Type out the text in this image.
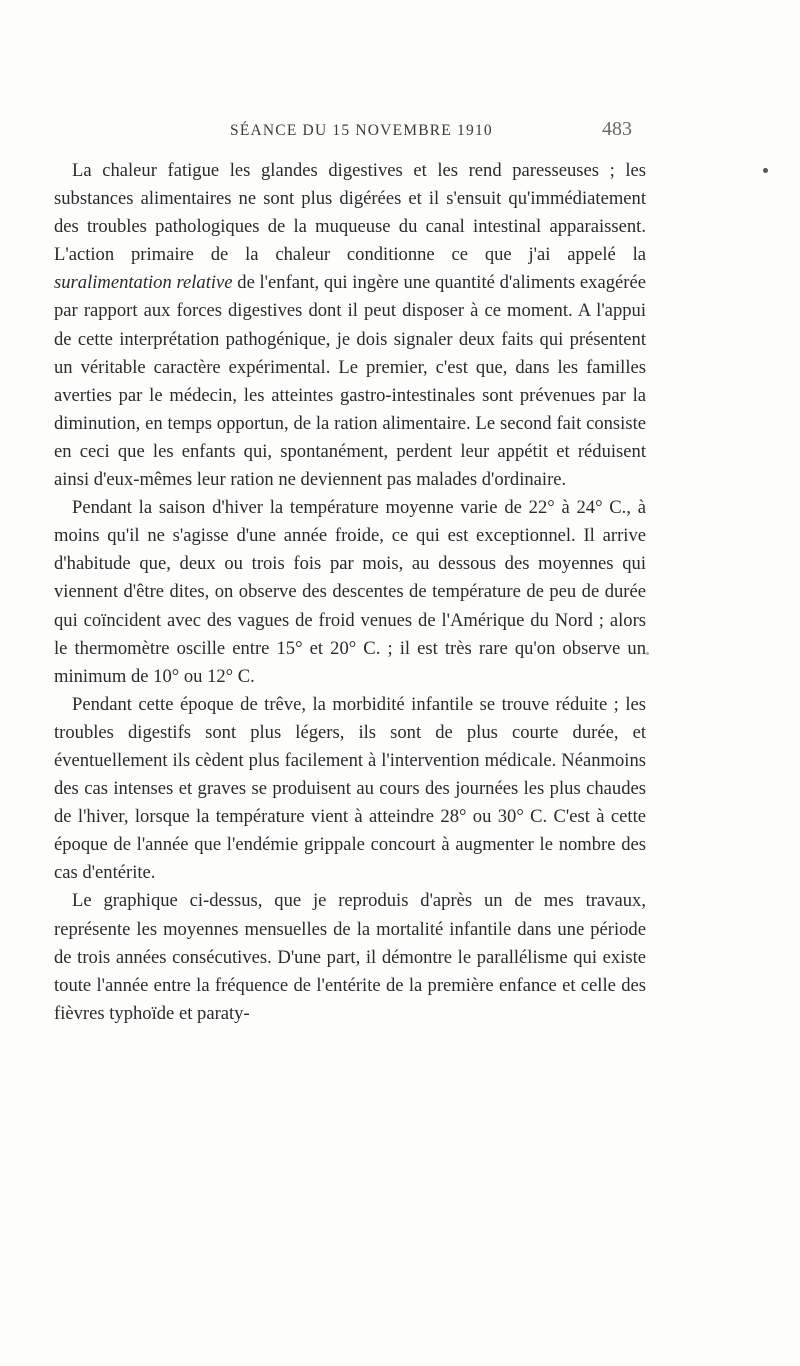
SÉANCE DU 15 NOVEMBRE 1910	483

La chaleur fatigue les glandes digestives et les rend paresseuses ; les substances alimentaires ne sont plus digérées et il s'ensuit qu'immédiatement des troubles pathologiques de la muqueuse du canal intestinal apparaissent. L'action primaire de la chaleur conditionne ce que j'ai appelé la suralimentation relative de l'enfant, qui ingère une quantité d'aliments exagérée par rapport aux forces digestives dont il peut disposer à ce moment. A l'appui de cette interprétation pathogénique, je dois signaler deux faits qui présentent un véritable caractère expérimental. Le premier, c'est que, dans les familles averties par le médecin, les atteintes gastro-intestinales sont prévenues par la diminution, en temps opportun, de la ration alimentaire. Le second fait consiste en ceci que les enfants qui, spontanément, perdent leur appétit et réduisent ainsi d'eux-mêmes leur ration ne deviennent pas malades d'ordinaire.

Pendant la saison d'hiver la température moyenne varie de 22° à 24° C., à moins qu'il ne s'agisse d'une année froide, ce qui est exceptionnel. Il arrive d'habitude que, deux ou trois fois par mois, au dessous des moyennes qui viennent d'être dites, on observe des descentes de température de peu de durée qui coïncident avec des vagues de froid venues de l'Amérique du Nord ; alors le thermomètre oscille entre 15° et 20° C. ; il est très rare qu'on observe un minimum de 10° ou 12° C.

Pendant cette époque de trêve, la morbidité infantile se trouve réduite ; les troubles digestifs sont plus légers, ils sont de plus courte durée, et éventuellement ils cèdent plus facilement à l'intervention médicale. Néanmoins des cas intenses et graves se produisent au cours des journées les plus chaudes de l'hiver, lorsque la température vient à atteindre 28° ou 30° C. C'est à cette époque de l'année que l'endémie grippale concourt à augmenter le nombre des cas d'entérite.

Le graphique ci-dessus, que je reproduis d'après un de mes travaux, représente les moyennes mensuelles de la mortalité infantile dans une période de trois années consécutives. D'une part, il démontre le parallélisme qui existe toute l'année entre la fréquence de l'entérite de la première enfance et celle des fièvres typhoïde et paraty-
